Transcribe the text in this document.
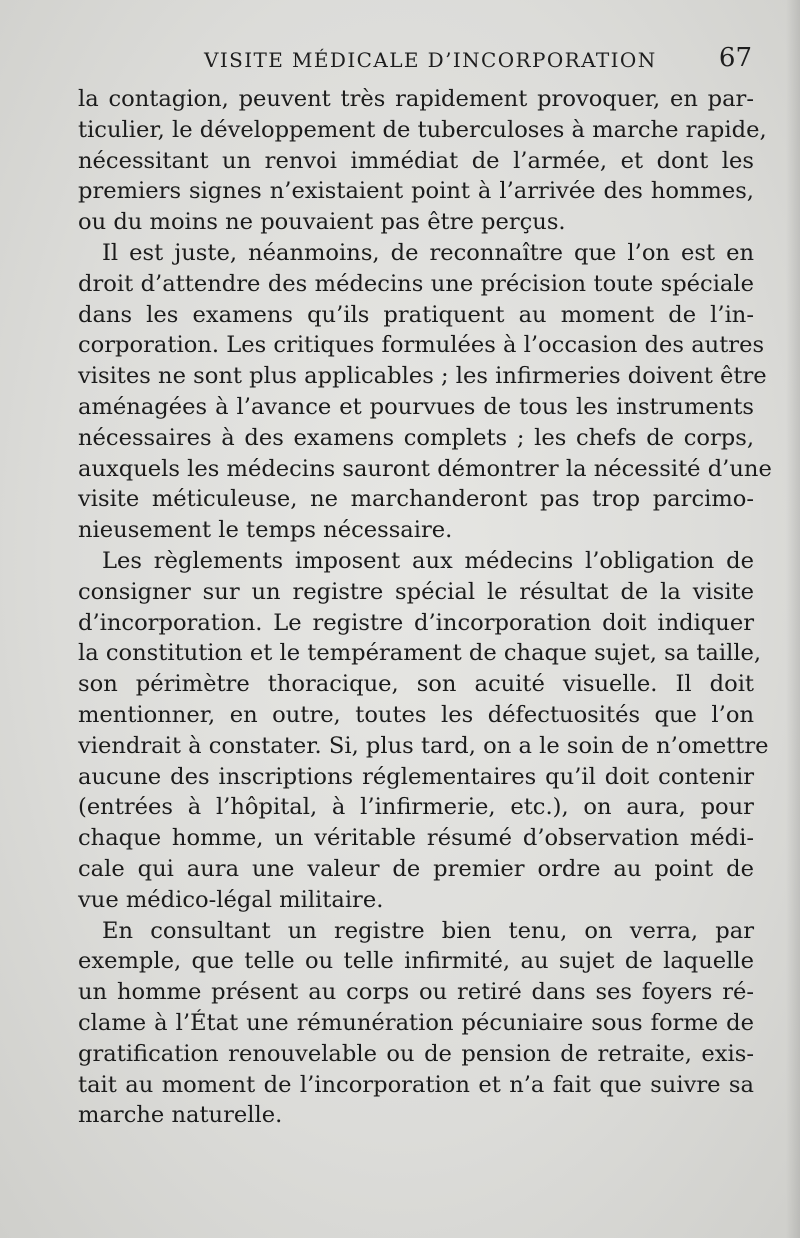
VISITE MÉDICALE D’INCORPORATION 67
la contagion, peuvent très rapidement provoquer, en par-
ticulier, le développement de tuberculoses à marche rapide,
nécessitant un renvoi immédiat de l’armée, et dont les
premiers signes n’existaient point à l’arrivée des hommes,
ou du moins ne pouvaient pas être perçus.
Il est juste, néanmoins, de reconnaître que l’on est en
droit d’attendre des médecins une précision toute spéciale
dans les examens qu’ils pratiquent au moment de l’in-
corporation. Les critiques formulées à l’occasion des autres
visites ne sont plus applicables ; les infirmeries doivent être
aménagées à l’avance et pourvues de tous les instruments
nécessaires à des examens complets ; les chefs de corps,
auxquels les médecins sauront démontrer la nécessité d’une
visite méticuleuse, ne marchanderont pas trop parcimo-
nieusement le temps nécessaire.
Les règlements imposent aux médecins l’obligation de
consigner sur un registre spécial le résultat de la visite
d’incorporation. Le registre d’incorporation doit indiquer
la constitution et le tempérament de chaque sujet, sa taille,
son périmètre thoracique, son acuité visuelle. Il doit
mentionner, en outre, toutes les défectuosités que l’on
viendrait à constater. Si, plus tard, on a le soin de n’omettre
aucune des inscriptions réglementaires qu’il doit contenir
(entrées à l’hôpital, à l’infirmerie, etc.), on aura, pour
chaque homme, un véritable résumé d’observation médi-
cale qui aura une valeur de premier ordre au point de
vue médico-légal militaire.
En consultant un registre bien tenu, on verra, par
exemple, que telle ou telle infirmité, au sujet de laquelle
un homme présent au corps ou retiré dans ses foyers ré-
clame à l’État une rémunération pécuniaire sous forme de
gratification renouvelable ou de pension de retraite, exis-
tait au moment de l’incorporation et n’a fait que suivre sa
marche naturelle.
